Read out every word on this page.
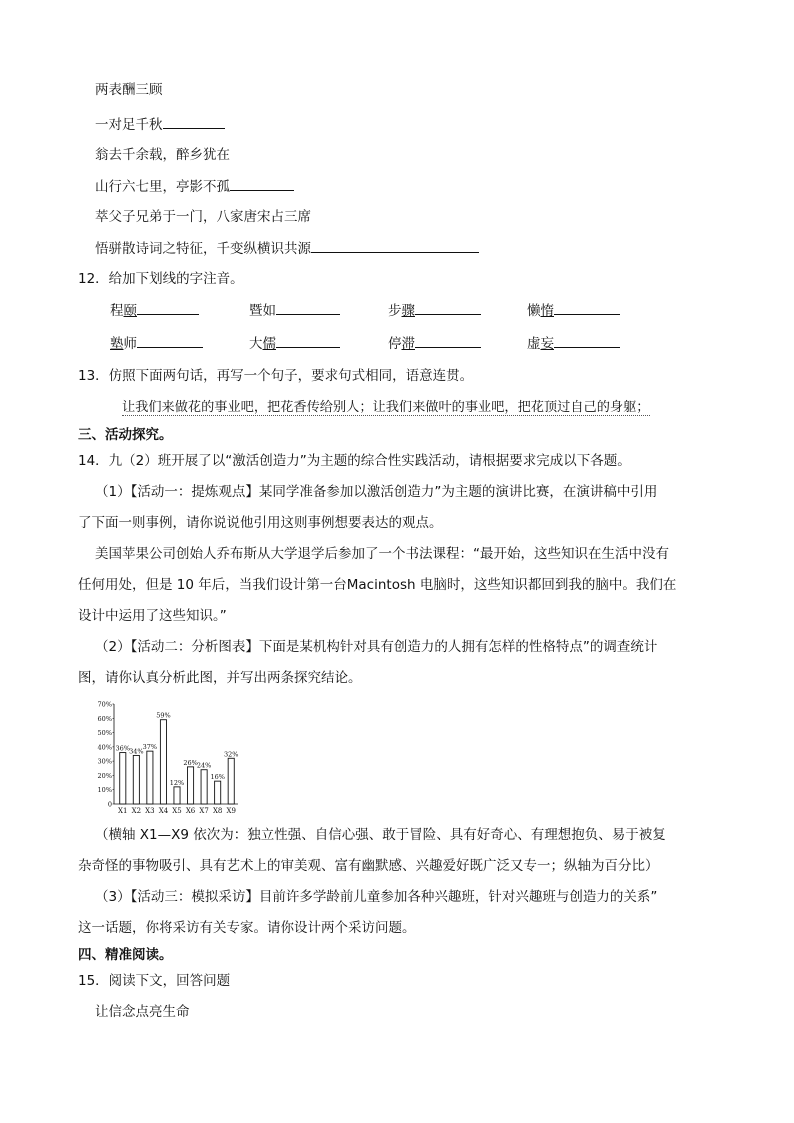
两表酬三顾
一对足千秋
翁去千余载，醉乡犹在
山行六七里，亭影不孤
萃父子兄弟于一门，八家唐宋占三席
悟骈散诗词之特征，千变纵横识共源
12．给加下划线的字注音。
程颐	暨如	步骤	懒惰
塾师	大儒	停滞	虚妄
13．仿照下面两句话，再写一个句子，要求句式相同，语意连贯。
让我们来做花的事业吧，把花香传给别人；让我们来做叶的事业吧，把花顶过自己的身躯；
三、活动探究。
14．九（2）班开展了以“激活创造力”为主题的综合性实践活动，请根据要求完成以下各题。
（1）【活动一：提炼观点】某同学准备参加以激活创造力”为主题的演讲比赛，在演讲稿中引用
了下面一则事例，请你说说他引用这则事例想要表达的观点。
美国苹果公司创始人乔布斯从大学退学后参加了一个书法课程：“最开始，这些知识在生活中没有
任何用处，但是 10 年后，当我们设计第一台Macintosh 电脑时，这些知识都回到我的脑中。我们在
设计中运用了这些知识。”
（2）【活动二：分析图表】下面是某机构针对具有创造力的人拥有怎样的性格特点”的调查统计
图，请你认真分析此图，并写出两条探究结论。
0
10%
20%
30%
40%
50%
60%
70%
36%
X1
34%
X2
37%
X3
59%
X4
12%
X5
26%
X6
24%
X7
16%
X8
32%
X9
（横轴 X1—X9 依次为：独立性强、自信心强、敢于冒险、具有好奇心、有理想抱负、易于被复
杂奇怪的事物吸引、具有艺术上的审美观、富有幽默感、兴趣爱好既广泛又专一；纵轴为百分比）
（3）【活动三：模拟采访】目前许多学龄前儿童参加各种兴趣班，针对兴趣班与创造力的关系”
这一话题，你将采访有关专家。请你设计两个采访问题。
四、精准阅读。
15．阅读下文，回答问题
让信念点亮生命
